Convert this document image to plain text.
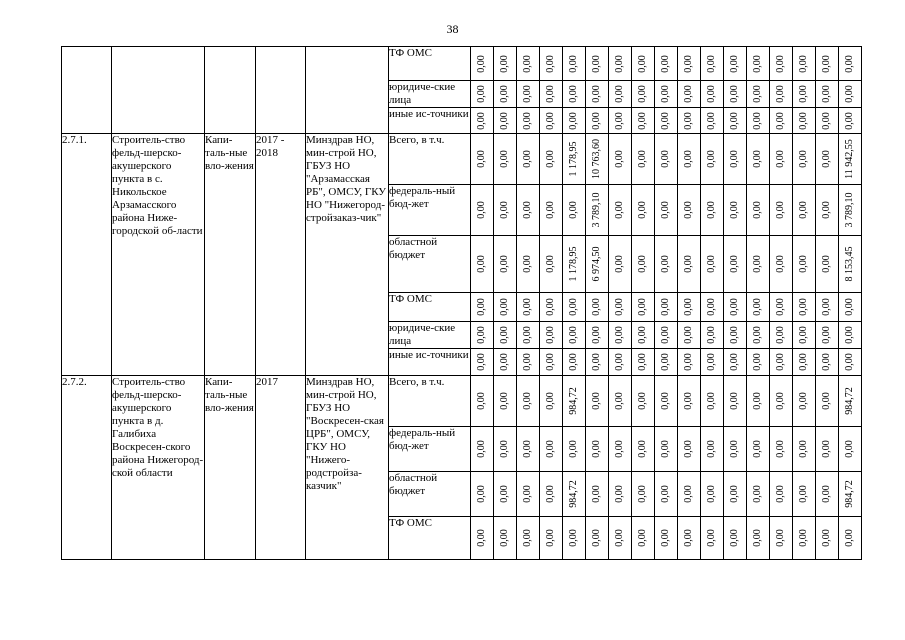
38
					ТФ ОМС	0,00	0,00	0,00	0,00	0,00	0,00	0,00	0,00	0,00	0,00	0,00	0,00	0,00	0,00	0,00	0,00	0,00

					юридиче-ские лица	0,00	0,00	0,00	0,00	0,00	0,00	0,00	0,00	0,00	0,00	0,00	0,00	0,00	0,00	0,00	0,00	0,00

					иные ис-точники	0,00	0,00	0,00	0,00	0,00	0,00	0,00	0,00	0,00	0,00	0,00	0,00	0,00	0,00	0,00	0,00	0,00

2.7.1.	Строитель-ство фельд-шерско-акушерского пункта в с. Никольское Арзамасского района Ниже-городской об-ласти	Капи-таль-ные вло-жения	2017 - 2018	Минздрав НО, мин-строй НО, ГБУЗ НО "Арзамасская РБ", ОМСУ, ГКУ НО "Нижегород-стройзаказ-чик"	Всего, в т.ч.	0,00	0,00	0,00	0,00	1 178,95	10 763,60	0,00	0,00	0,00	0,00	0,00	0,00	0,00	0,00	0,00	0,00	11 942,55

					федераль-ный бюд-жет	0,00	0,00	0,00	0,00	0,00	3 789,10	0,00	0,00	0,00	0,00	0,00	0,00	0,00	0,00	0,00	0,00	3 789,10

					областной бюджет	0,00	0,00	0,00	0,00	1 178,95	6 974,50	0,00	0,00	0,00	0,00	0,00	0,00	0,00	0,00	0,00	0,00	8 153,45

					ТФ ОМС	0,00	0,00	0,00	0,00	0,00	0,00	0,00	0,00	0,00	0,00	0,00	0,00	0,00	0,00	0,00	0,00	0,00

					юридиче-ские лица	0,00	0,00	0,00	0,00	0,00	0,00	0,00	0,00	0,00	0,00	0,00	0,00	0,00	0,00	0,00	0,00	0,00

					иные ис-точники	0,00	0,00	0,00	0,00	0,00	0,00	0,00	0,00	0,00	0,00	0,00	0,00	0,00	0,00	0,00	0,00	0,00

2.7.2.	Строитель-ство фельд-шерско-акушерского пункта в д. Галибиха Воскресен-ского района Нижегород-ской области	Капи-таль-ные вло-жения	2017	Минздрав НО, мин-строй НО, ГБУЗ НО "Воскресен-ская ЦРБ", ОМСУ, ГКУ НО "Нижего-родстройза-казчик"	Всего, в т.ч.	0,00	0,00	0,00	0,00	984,72	0,00	0,00	0,00	0,00	0,00	0,00	0,00	0,00	0,00	0,00	0,00	984,72

					федераль-ный бюд-жет	0,00	0,00	0,00	0,00	0,00	0,00	0,00	0,00	0,00	0,00	0,00	0,00	0,00	0,00	0,00	0,00	0,00

					областной бюджет	0,00	0,00	0,00	0,00	984,72	0,00	0,00	0,00	0,00	0,00	0,00	0,00	0,00	0,00	0,00	0,00	984,72

					ТФ ОМС	0,00	0,00	0,00	0,00	0,00	0,00	0,00	0,00	0,00	0,00	0,00	0,00	0,00	0,00	0,00	0,00	0,00
